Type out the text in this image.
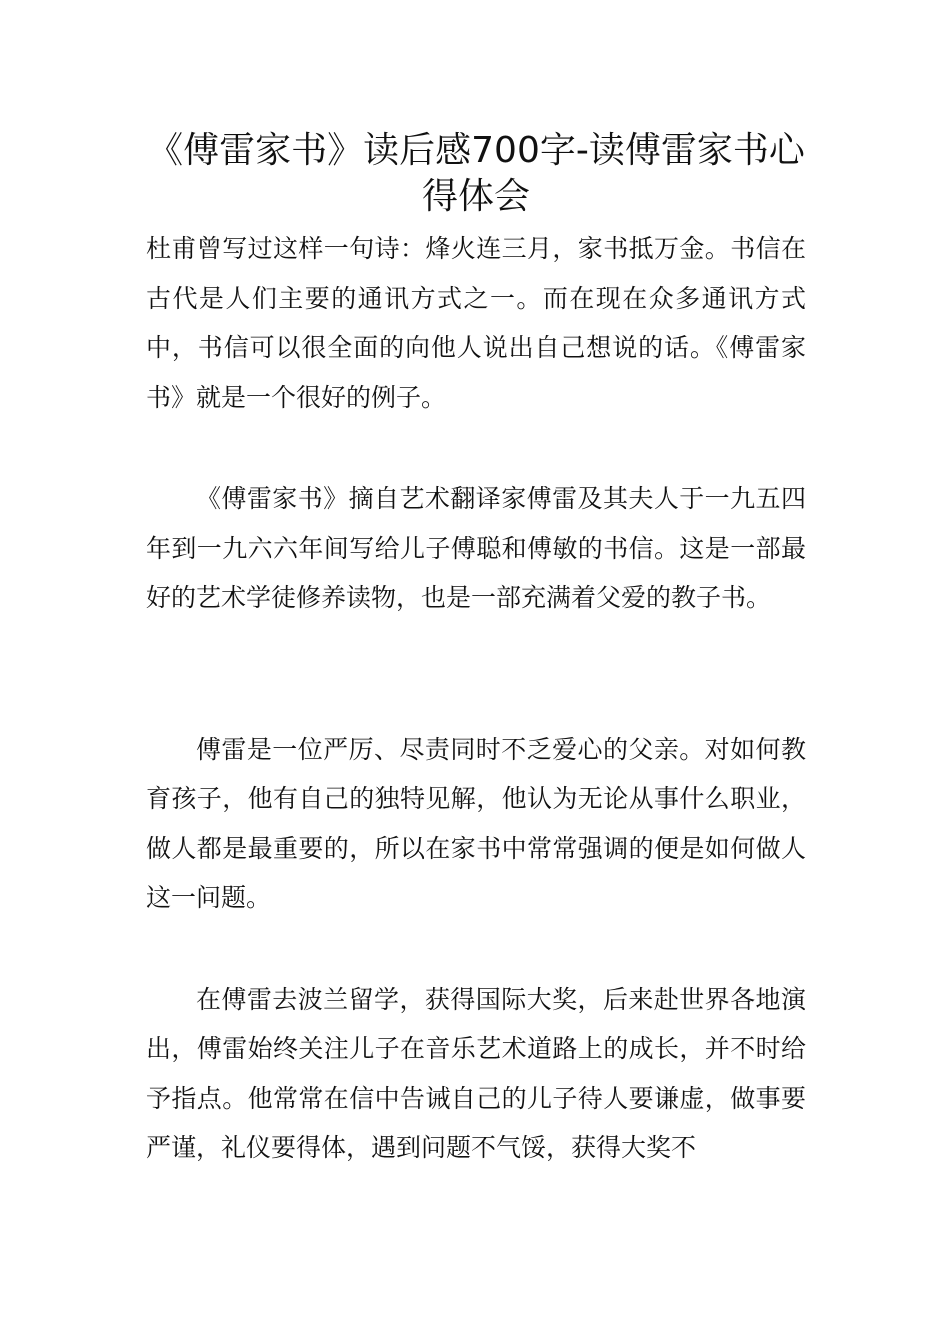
《傅雷家书》读后感700字-读傅雷家书心得体会

杜甫曾写过这样一句诗：烽火连三月，家书抵万金。书信在古代是人们主要的通讯方式之一。而在现在众多通讯方式中，书信可以很全面的向他人说出自己想说的话。《傅雷家书》就是一个很好的例子。

《傅雷家书》摘自艺术翻译家傅雷及其夫人于一九五四年到一九六六年间写给儿子傅聪和傅敏的书信。这是一部最好的艺术学徒修养读物，也是一部充满着父爱的教子书。

傅雷是一位严厉、尽责同时不乏爱心的父亲。对如何教育孩子，他有自己的独特见解，他认为无论从事什么职业，做人都是最重要的，所以在家书中常常强调的便是如何做人这一问题。

在傅雷去波兰留学，获得国际大奖，后来赴世界各地演出，傅雷始终关注儿子在音乐艺术道路上的成长，并不时给予指点。他常常在信中告诫自己的儿子待人要谦虚，做事要严谨，礼仪要得体，遇到问题不气馁，获得大奖不
